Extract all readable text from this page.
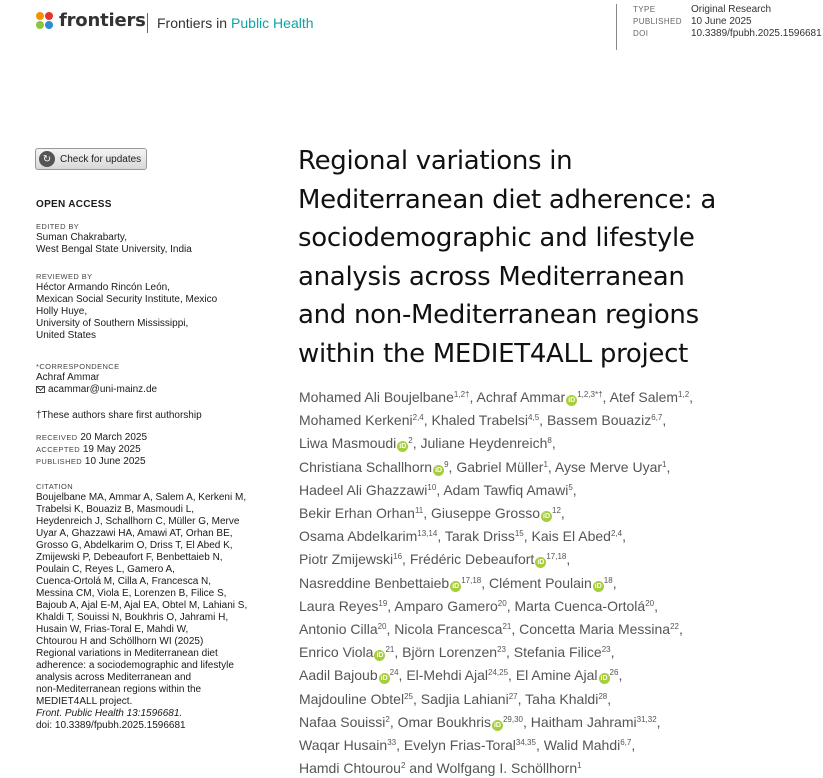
frontiers Frontiers in Public Health
TYPE	Original Research
PUBLISHED 10 June 2025
DOI	10.3389/fpubh.2025.1596681
↻ Check for updates
OPEN ACCESS
EDITED BY
Suman Chakrabarty,
West Bengal State University, India
REVIEWED BY
Héctor Armando Rincón León,
Mexican Social Security Institute, Mexico
Holly Huye,
University of Southern Mississippi,
United States
*CORRESPONDENCE
Achraf Ammar
acammar@uni-mainz.de
†These authors share first authorship
RECEIVED 20 March 2025
ACCEPTED 19 May 2025
PUBLISHED 10 June 2025
CITATION
Boujelbane MA, Ammar A, Salem A, Kerkeni M,
Trabelsi K, Bouaziz B, Masmoudi L,
Heydenreich J, Schallhorn C, Müller G, Merve
Uyar A, Ghazzawi HA, Amawi AT, Orhan BE,
Grosso G, Abdelkarim O, Driss T, El Abed K,
Zmijewski P, Debeaufort F, Benbettaieb N,
Poulain C, Reyes L, Gamero A,
Cuenca-Ortolá M, Cilla A, Francesca N,
Messina CM, Viola E, Lorenzen B, Filice S,
Bajoub A, Ajal E-M, Ajal EA, Obtel M, Lahiani S,
Khaldi T, Souissi N, Boukhris O, Jahrami H,
Husain W, Frias-Toral E, Mahdi W,
Chtourou H and Schöllhorn WI (2025)
Regional variations in Mediterranean diet
adherence: a sociodemographic and lifestyle
analysis across Mediterranean and
non-Mediterranean regions within the
MEDIET4ALL project.
Front. Public Health 13:1596681.
doi: 10.3389/fpubh.2025.1596681
Regional variations in
Mediterranean diet adherence: a
sociodemographic and lifestyle
analysis across Mediterranean
and non-Mediterranean regions
within the MEDIET4ALL project
Mohamed Ali Boujelbane$^{1,2\dagger}$, Achraf Ammar $iD^{1,2,3*\dagger}$, Atef Salem$^{1,2}$,
Mohamed Kerkeni$^{2,4}$, Khaled Trabelsi$^{4,5}$, Bassem Bouaziz$^{6,7}$,
Liwa Masmoudi $iD^2$, Juliane Heydenreich$^8$,
Christiana Schallhorn $iD^9$, Gabriel Müller$^1$, Ayse Merve Uyar$^1$,
Hadeel Ali Ghazzawi$^{10}$, Adam Tawfiq Amawi$^5$,
Bekir Erhan Orhan$^{11}$, Giuseppe Grosso $iD^{12}$,
Osama Abdelkarim$^{13,14}$, Tarak Driss$^{15}$, Kais El Abed$^{2,4}$,
Piotr Zmijewski$^{16}$, Frédéric Debeaufort iD$^{17,18}$,
Nasreddine Benbettaieb iD$^{17,18}$, Clément Poulain $iD^{18}$,
Laura Reyes$^{19}$, Amparo Gamero$^{20}$, Marta Cuenca-Ortolá$^{20}$,
Antonio Cilla$^{20}$, Nicola Francesca$^{21}$, Concetta Maria Messina$^{22}$,
Enrico Viola $iD^{21}$, Björn Lorenzen$^{23}$, Stefania Filice$^{23}$,
Aadil Bajoub $iD^{24}$, El-Mehdi Ajal$^{24,25}$, El Amine Ajal $iD^{26}$,
Majdouline Obtel$^{25}$, Sadjia Lahiani$^{27}$, Taha Khaldi$^{28}$,
Nafaa Souissi$^2$, Omar Boukhris iD$^{29,30}$, Haitham Jahrami$^{31,32}$,
Waqar Husain$^{33}$, Evelyn Frias-Toral$^{34,35}$, Walid Mahdi$^{6,7}$,
Hamdi Chtourou$^2$ and Wolfgang I. Schöllhorn$^1$
